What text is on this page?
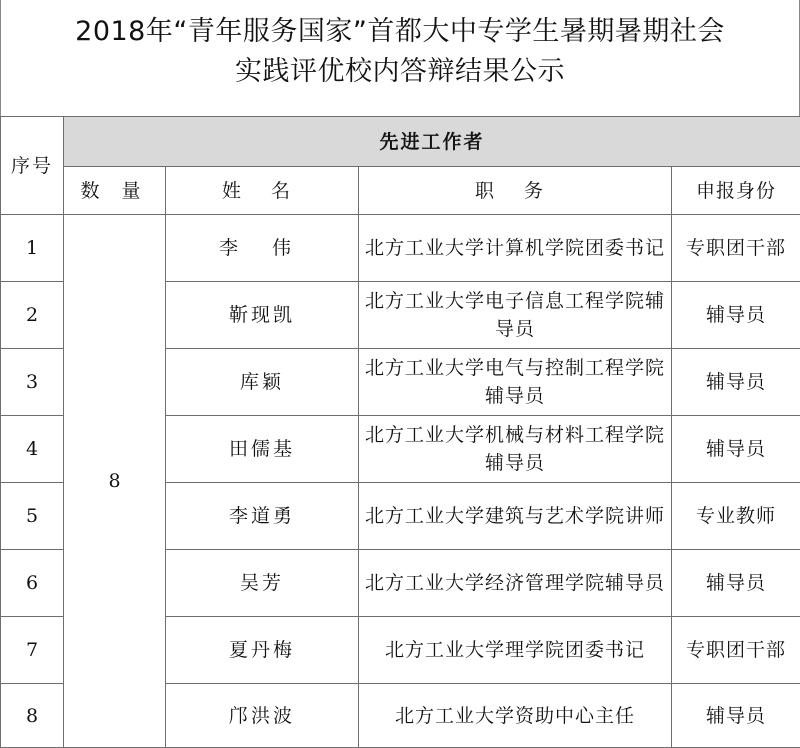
2018年“青年服务国家”首都大中专学生暑期暑期社会
实践评优校内答辩结果公示
序号	先进工作者			
	数 量	姓 名	职 务	申报身份
1	8	李 伟	北方工业大学计算机学院团委书记	专职团干部
2		靳现凯	北方工业大学电子信息工程学院辅导员	辅导员
3		库颖	北方工业大学电气与控制工程学院辅导员	辅导员
4		田儒基	北方工业大学机械与材料工程学院辅导员	辅导员
5		李道勇	北方工业大学建筑与艺术学院讲师	专业教师
6		吴芳	北方工业大学经济管理学院辅导员	辅导员
7		夏丹梅	北方工业大学理学院团委书记	专职团干部
8		邝洪波	北方工业大学资助中心主任	辅导员
